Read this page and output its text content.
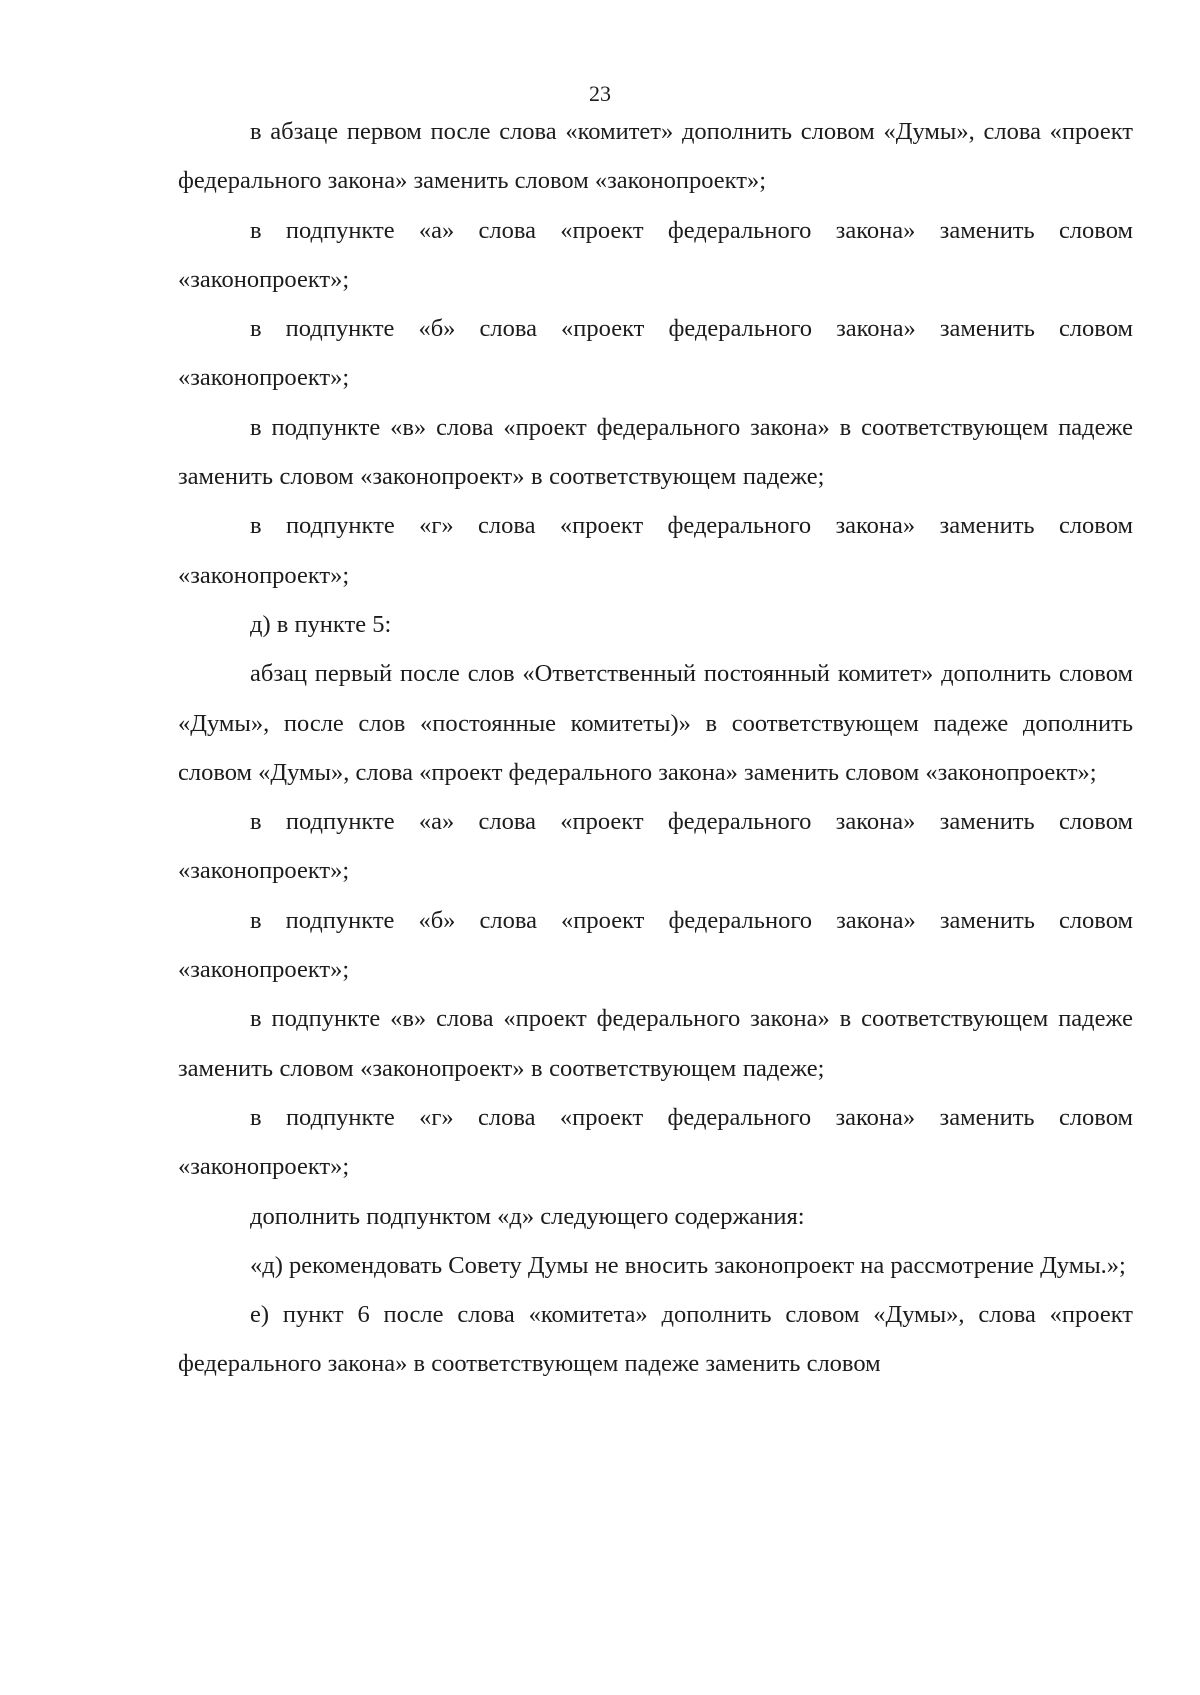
23

в абзаце первом после слова «комитет» дополнить словом «Думы», слова «проект федерального закона» заменить словом «законопроект»;

в подпункте «а» слова «проект федерального закона» заменить словом «законопроект»;

в подпункте «б» слова «проект федерального закона» заменить словом «законопроект»;

в подпункте «в» слова «проект федерального закона» в соответствующем падеже заменить словом «законопроект» в соответствующем падеже;

в подпункте «г» слова «проект федерального закона» заменить словом «законопроект»;

д) в пункте 5:

абзац первый после слов «Ответственный постоянный комитет» дополнить словом «Думы», после слов «постоянные комитеты)» в соответствующем падеже дополнить словом «Думы», слова «проект федерального закона» заменить словом «законопроект»;

в подпункте «а» слова «проект федерального закона» заменить словом «законопроект»;

в подпункте «б» слова «проект федерального закона» заменить словом «законопроект»;

в подпункте «в» слова «проект федерального закона» в соответствующем падеже заменить словом «законопроект» в соответствующем падеже;

в подпункте «г» слова «проект федерального закона» заменить словом «законопроект»;

дополнить подпунктом «д» следующего содержания:

«д) рекомендовать Совету Думы не вносить законопроект на рассмотрение Думы.»;

е) пункт 6 после слова «комитета» дополнить словом «Думы», слова «проект федерального закона» в соответствующем падеже заменить словом
